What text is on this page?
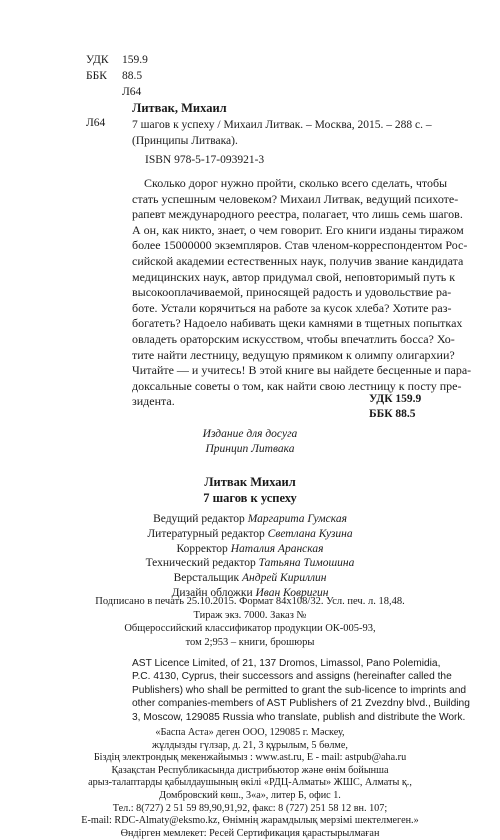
УДК	159.9
ББК	88.5
Л64
Литвак, Михаил
Л64 7 шагов к успеху / Михаил Литвак. – Москва, 2015. – 288 с. –
(Принципы Литвака).
ISBN 978-5-17-093921-3
Сколько дорог нужно пройти, сколько всего сделать, чтобы
стать успешным человеком? Михаил Литвак, ведущий психоте-
рапевт международного реестра, полагает, что лишь семь шагов.
А он, как никто, знает, о чем говорит. Его книги изданы тиражом
более 15000000 экземпляров. Став членом-корреспондентом Рос-
сийской академии естественных наук, получив звание кандидата
медицинских наук, автор придумал свой, неповторимый путь к
высокооплачиваемой, приносящей радость и удовольствие ра-
боте. Устали корячиться на работе за кусок хлеба? Хотите раз-
богатеть? Надоело набивать щеки камнями в тщетных попытках
овладеть ораторским искусством, чтобы впечатлить босса? Хо-
тите найти лестницу, ведущую прямиком к олимпу олигархии?
Читайте — и учитесь! В этой книге вы найдете бесценные и пара-
доксальные советы о том, как найти свою лестницу к посту пре-
зидента.	УДК 159.9
ББК 88.5
Издание для досуга
Принцип Литвака
Литвак Михаил
7 шагов к успеху
Ведущий редактор Маргарита Гумская
Литературный редактор Светлана Кузина
Корректор Наталия Аранская
Технический редактор Татьяна Тимошина
Верстальщик Андрей Кириллин
Дизайн обложки Иван Ковригин
Подписано в печать 25.10.2015. Формат 84х108/32. Усл. печ. л. 18,48.
Тираж экз. 7000. Заказ №
Общероссийский классификатор продукции ОК-005-93,
том 2;953 – книги, брошюры
AST Licence Limited, of 21, 137 Dromos, Limassol, Pano Polemidia,
P.C. 4130, Cyprus, their successors and assigns (hereinafter called the
Publishers) who shall be permitted to grant the sub-licence to imprints and
other companies-members of AST Publishers of 21 Zvezdny blvd., Building
3, Moscow, 129085 Russia who translate, publish and distribute the Work.
«Баспа Аста» деген ООО, 129085 г. Мәскеу,
жұлдызды гүлзар, д. 21, 3 құрылым, 5 бөлме,
Біздің электрондық мекенжайымыз : www.ast.ru, E - mail: astpub@aha.ru
Қазақстан Республикасында дистрибьютор және өнім бойынша
арыз-талаптарды қабылдаушының өкілі «РДЦ-Алматы» ЖШС, Алматы қ.,
Домбровский көш., 3«а», литер Б, офис 1.
Тел.: 8(727) 2 51 59 89,90,91,92, факс: 8 (727) 251 58 12 вн. 107;
E-mail: RDC-Almaty@eksmo.kz, Өнімнің жарамдылық мерзімі шектелмеген.»
Өндірген мемлекет: Ресей Сертификация қарастырылмаған
